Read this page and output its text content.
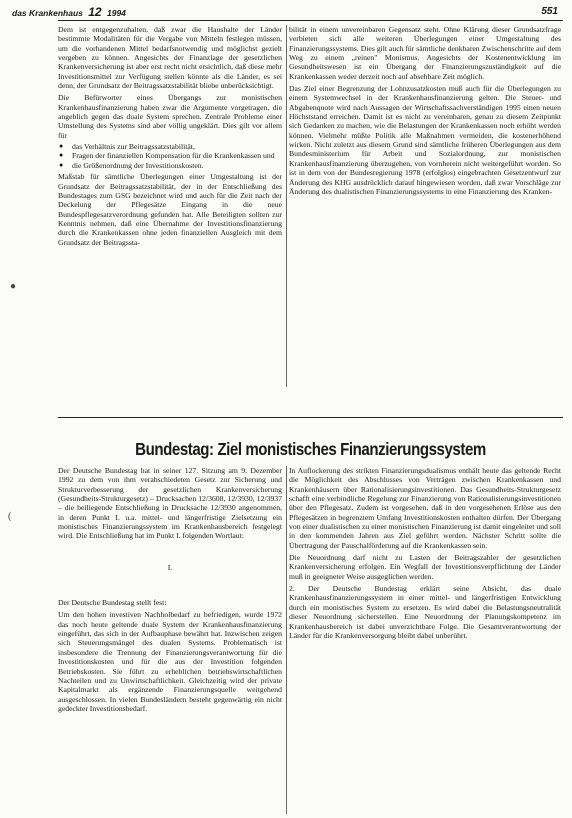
das Krankenhaus 12 1994	551

Dem ist entgegenzuhalten, daß zwar die Haushalte der Länder bestimmte Modalitäten für die Vergabe von Mitteln festlegen müssen, um die vorhandenen Mittel bedarfsnotwendig und möglichst gezielt vergeben zu können. Angesichts der Finanzlage der gesetzlichen Krankenversicherung ist aber erst recht nicht ersichtlich, daß diese mehr Investitionsmittel zur Verfügung stellen könnte als die Länder, es sei denn, der Grundsatz der Beitragssatzstabilität bliebe unberücksichtigt.

Die Befürworter eines Übergangs zur monistischen Krankenhausfinanzierung haben zwar die Argumente vorgetragen, die angeblich gegen das duale System sprechen. Zentrale Probleme einer Umstellung des Systems sind aber völlig ungeklärt. Dies gilt vor allem für

● das Verhältnis zur Beitragssatzstabilität,
● Fragen der finanziellen Kompensation für die Krankenkassen und
● die Größenordnung der Investitionskosten.

Maßstab für sämtliche Überlegungen einer Umgestaltung ist der Grundsatz der Beitragssatzstabilität, der in der Entschließung des Bundestages zum GSG bezeichnet wird und auch für die Zeit nach der Deckelung der Pflegesätze Eingang in die neue Bundespflegesatzverordnung gefunden hat. Alle Beteiligten sollten zur Kenntnis nehmen, daß eine Übernahme der Investitionsfinanzierung durch die Krankenkassen ohne jeden finanziellen Ausgleich mit dem Grundsatz der Beitragssta-

bilität in einem unvereinbaren Gegensatz steht. Ohne Klärung dieser Grundsatzfrage verbieten sich alle weiteren Überlegungen einer Umgestaltung des Finanzierungssystems. Dies gilt auch für sämtliche denkbaren Zwischenschritte auf dem Weg zu einem „reinen" Monismus. Angesichts der Kostenentwicklung im Gesundheitswesen ist ein Übergang der Finanzierungszuständigkeit auf die Krankenkassen weder derzeit noch auf absehbare Zeit möglich.

Das Ziel einer Begrenzung der Lohnzusatzkosten muß auch für die Überlegungen zu einem Systemwechsel in der Krankenhausfinanzierung gelten. Die Steuer- und Abgabenquote wird nach Aussagen der Wirtschaftssachverständigen 1995 einen neuen Höchststand erreichen. Damit ist es nicht zu vereinbaren, genau zu diesem Zeitpunkt sich Gedanken zu machen, wie die Belastungen der Krankenkassen noch erhöht werden können. Vielmehr müßte Politik alle Maßnahmen vermeiden, die kostenerhöhend wirken. Nicht zuletzt aus diesem Grund sind sämtliche früheren Überlegungen aus dem Bundesministerium für Arbeit und Sozialordnung, zur monistischen Krankenhausfinanzierung überzugehen, von vornherein nicht weitergeführt worden. So ist in dem von der Bundesregierung 1978 (erfolglos) eingebrachten Gesetzentwurf zur Änderung des KHG ausdrücklich darauf hingewiesen worden, daß zwar Vorschläge zur Änderung des dualistischen Finanzierungssystems in eine Finanzierung des Kranken-

Bundestag: Ziel monistisches Finanzierungssystem

Der Deutsche Bundestag hat in seiner 127. Sitzung am 9. Dezember 1992 zu dem von ihm verabschiedeten Gesetz zur Sicherung und Strukturverbesserung der gesetzlichen Krankenversicherung (Gesundheits-Strukturgesetz) – Drucksachen 12/3608, 12/3930, 12/3937 – die beiliegende Entschließung in Drucksache 12/3930 angenommen, in deren Punkt I. u.a. mittel- und längerfristige Zielsetzung ein monistisches Finanzierungssystem im Krankenhausbereich festgelegt wird. Die Entschließung hat im Punkt I. folgenden Wortlaut:

I.

Der Deutsche Bundestag stellt fest:

Um den hohen investiven Nachholbedarf zu befriedigen, wurde 1972 das noch heute geltende duale System der Krankenhausfinanzierung eingeführt, das sich in der Aufbauphase bewährt hat. Inzwischen zeigen sich Steuerungsmängel des dualen Systems. Problematisch ist insbesondere die Trennung der Finanzierungsverantwortung für die Investitionskosten und für die aus der Investition folgenden Betriebskosten. Sie führt zu erheblichen betriebswirtschaftlichen Nachteilen und zu Unwirtschaftlichkeit. Gleichzeitig wird der private Kapitalmarkt als ergänzende Finanzierungsquelle weitgehend ausgeschlossen. In vielen Bundesländern besteht gegenwärtig ein nicht gedeckter Investitionsbedarf.

In Auflockerung des strikten Finanzierungsdualismus enthält heute das geltende Recht die Möglichkeit des Abschlusses von Verträgen zwischen Krankenkassen und Krankenhäusern über Rationalisierungsinvestitionen. Das Gesundheits-Strukturgesetz schafft eine verbindliche Regelung zur Finanzierung von Rationalisierungsinvestitionen über den Pflegesatz. Zudem ist vorgesehen, daß in den vorgesehenen Erlöse aus den Pflegesätzen in begrenztem Umfang Investitionskosten enthalten dürfen. Der Übergang von einer dualistischen zu einer monistischen Finanzierung ist damit eingeleitet und soll in den kommenden Jahren aus Ziel geführt werden. Nächster Schritt sollte die Übertragung der Pauschalförderung auf die Krankenkassen sein.

Die Neuordnung darf nicht zu Lasten der Beitragszahler der gesetzlichen Krankenversicherung erfolgen. Ein Wegfall der Investitionsverpflichtung der Länder muß in geeigneter Weise ausgeglichen werden.

2. Der Deutsche Bundestag erklärt seine Absicht, das duale Krankenhausfinanzierungssystem in einer mittel- und längerfristigen Entwicklung durch ein monistisches System zu ersetzen. Es wird dabei die Belastungsneutralität dieser Neuordnung sicherstellen. Eine Neuordnung der Planungskompetenz im Krankenhausbereich ist dabei unverzichtbare Folge. Die Gesamtverantwortung der Länder für die Krankenversorgung bleibt dabei unberührt.

●
(
